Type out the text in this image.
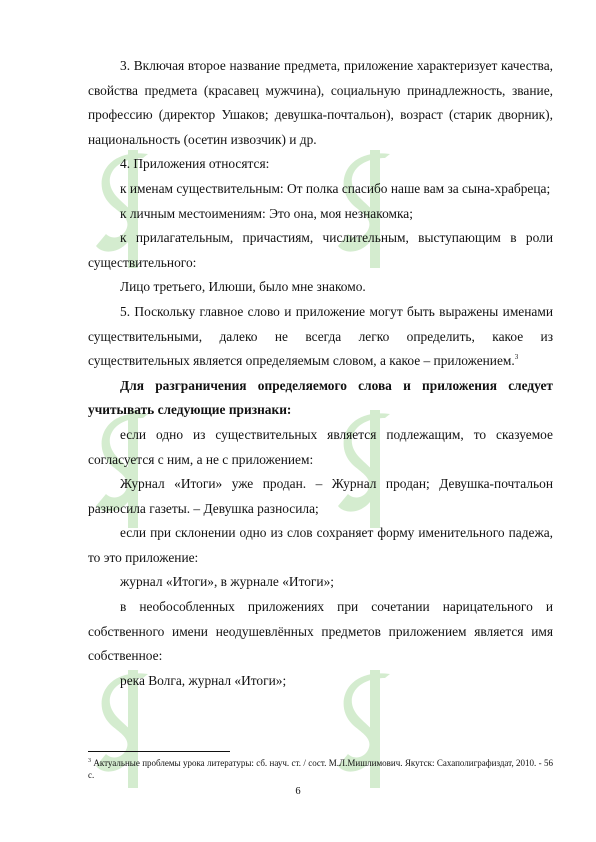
3. Включая второе название предмета, приложение характеризует качества, свойства предмета (красавец мужчина), социальную принадлежность, звание, профессию (директор Ушаков; девушка-почтальон), возраст (старик дворник), национальность (осетин извозчик) и др.

4. Приложения относятся:

к именам существительным: От полка спасибо наше вам за сына-храбреца;

к личным местоимениям: Это она, моя незнакомка;

к прилагательным, причастиям, числительным, выступающим в роли существительного:

Лицо третьего, Илюши, было мне знакомо.

5. Поскольку главное слово и приложение могут быть выражены именами существительными, далеко не всегда легко определить, какое из существительных является определяемым словом, а какое – приложением.$^3$

Для разграничения определяемого слова и приложения следует учитывать следующие признаки:

если одно из существительных является подлежащим, то сказуемое согласуется с ним, а не с приложением:

Журнал «Итоги» уже продан. – Журнал продан; Девушка-почтальон разносила газеты. – Девушка разносила;

если при склонении одно из слов сохраняет форму именительного падежа, то это приложение:

журнал «Итоги», в журнале «Итоги»;

в необособленных приложениях при сочетании нарицательного и собственного имени неодушевлённых предметов приложением является имя собственное:

река Волга, журнал «Итоги»;

$^3$ Актуальные проблемы урока литературы: сб. науч. ст. / сост. М.Л.Мишлимович. Якутск: Сахаполиграфиздат, 2010. - 56 с.
6
